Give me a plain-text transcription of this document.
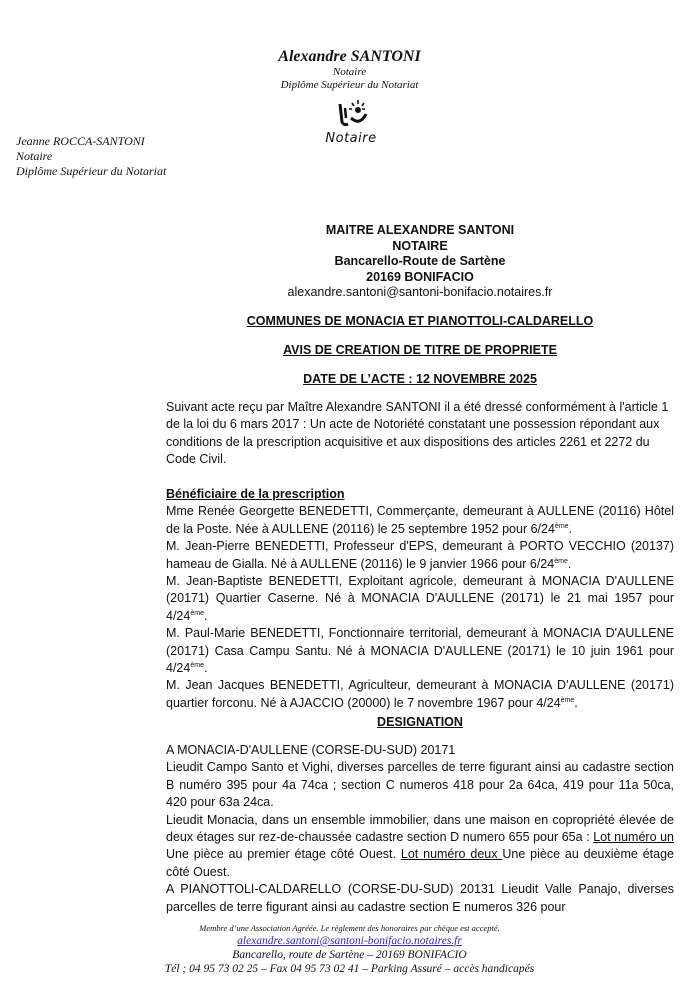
Alexandre SANTONI
Notaire
Diplôme Supérieur du Notariat
Notaire
Jeanne ROCCA-SANTONI
Notaire
Diplôme Supérieur du Notariat
MAITRE ALEXANDRE SANTONI
NOTAIRE
Bancarello-Route de Sartène
20169 BONIFACIO
alexandre.santoni@santoni-bonifacio.notaires.fr
COMMUNES DE MONACIA ET PIANOTTOLI-CALDARELLO
AVIS DE CREATION DE TITRE DE PROPRIETE
DATE DE L’ACTE : 12 NOVEMBRE 2025

Suivant acte reçu par Maître Alexandre SANTONI il a été dressé conformément à l'article 1 de la loi du 6 mars 2017 : Un acte de Notoriété constatant une possession répondant aux conditions de la prescription acquisitive et aux dispositions des articles 2261 et 2272 du Code Civil.

Bénéficiaire de la prescription

Mme Renée Georgette BENEDETTI, Commerçante, demeurant à AULLENE (20116) Hôtel de la Poste. Née à AULLENE (20116) le 25 septembre 1952 pour 6/24ème.

M. Jean-Pierre BENEDETTI, Professeur d'EPS, demeurant à PORTO VECCHIO (20137) hameau de Gialla. Né à AULLENE (20116) le 9 janvier 1966 pour 6/24ème.

M. Jean-Baptiste BENEDETTI, Exploitant agricole, demeurant à MONACIA D'AULLENE (20171) Quartier Caserne. Né à MONACIA D'AULLENE (20171) le 21 mai 1957 pour 4/24ème.

M. Paul-Marie BENEDETTI, Fonctionnaire territorial, demeurant à MONACIA D'AULLENE (20171) Casa Campu Santu. Né à MONACIA D'AULLENE (20171) le 10 juin 1961 pour 4/24ème.

M. Jean Jacques BENEDETTI, Agriculteur, demeurant à MONACIA D'AULLENE (20171) quartier forconu. Né à AJACCIO (20000) le 7 novembre 1967 pour 4/24ème.

DESIGNATION

A MONACIA-D'AULLENE (CORSE-DU-SUD) 20171

Lieudit Campo Santo et Vighi, diverses parcelles de terre figurant ainsi au cadastre section B numéro 395 pour 4a 74ca ; section C numeros 418 pour 2a 64ca, 419 pour 11a 50ca, 420 pour 63a 24ca.

Lieudit Monacia, dans un ensemble immobilier, dans une maison en copropriété élevée de deux étages sur rez-de-chaussée cadastre section D numero 655 pour 65a : Lot numéro un Une pièce au premier étage côté Ouest. Lot numéro deux Une pièce au deuxième étage côté Ouest.

A PIANOTTOLI-CALDARELLO (CORSE-DU-SUD) 20131 Lieudit Valle Panajo, diverses parcelles de terre figurant ainsi au cadastre section E numeros 326 pour

Membre d’une Association Agréée. Le règlement des honoraires par chèque est accepté.
alexandre.santoni@santoni-bonifacio.notaires.fr
Bancarello, route de Sartène – 20169 BONIFACIO
Tél ; 04 95 73 02 25 – Fax 04 95 73 02 41 – Parking Assuré – accès handicapés
